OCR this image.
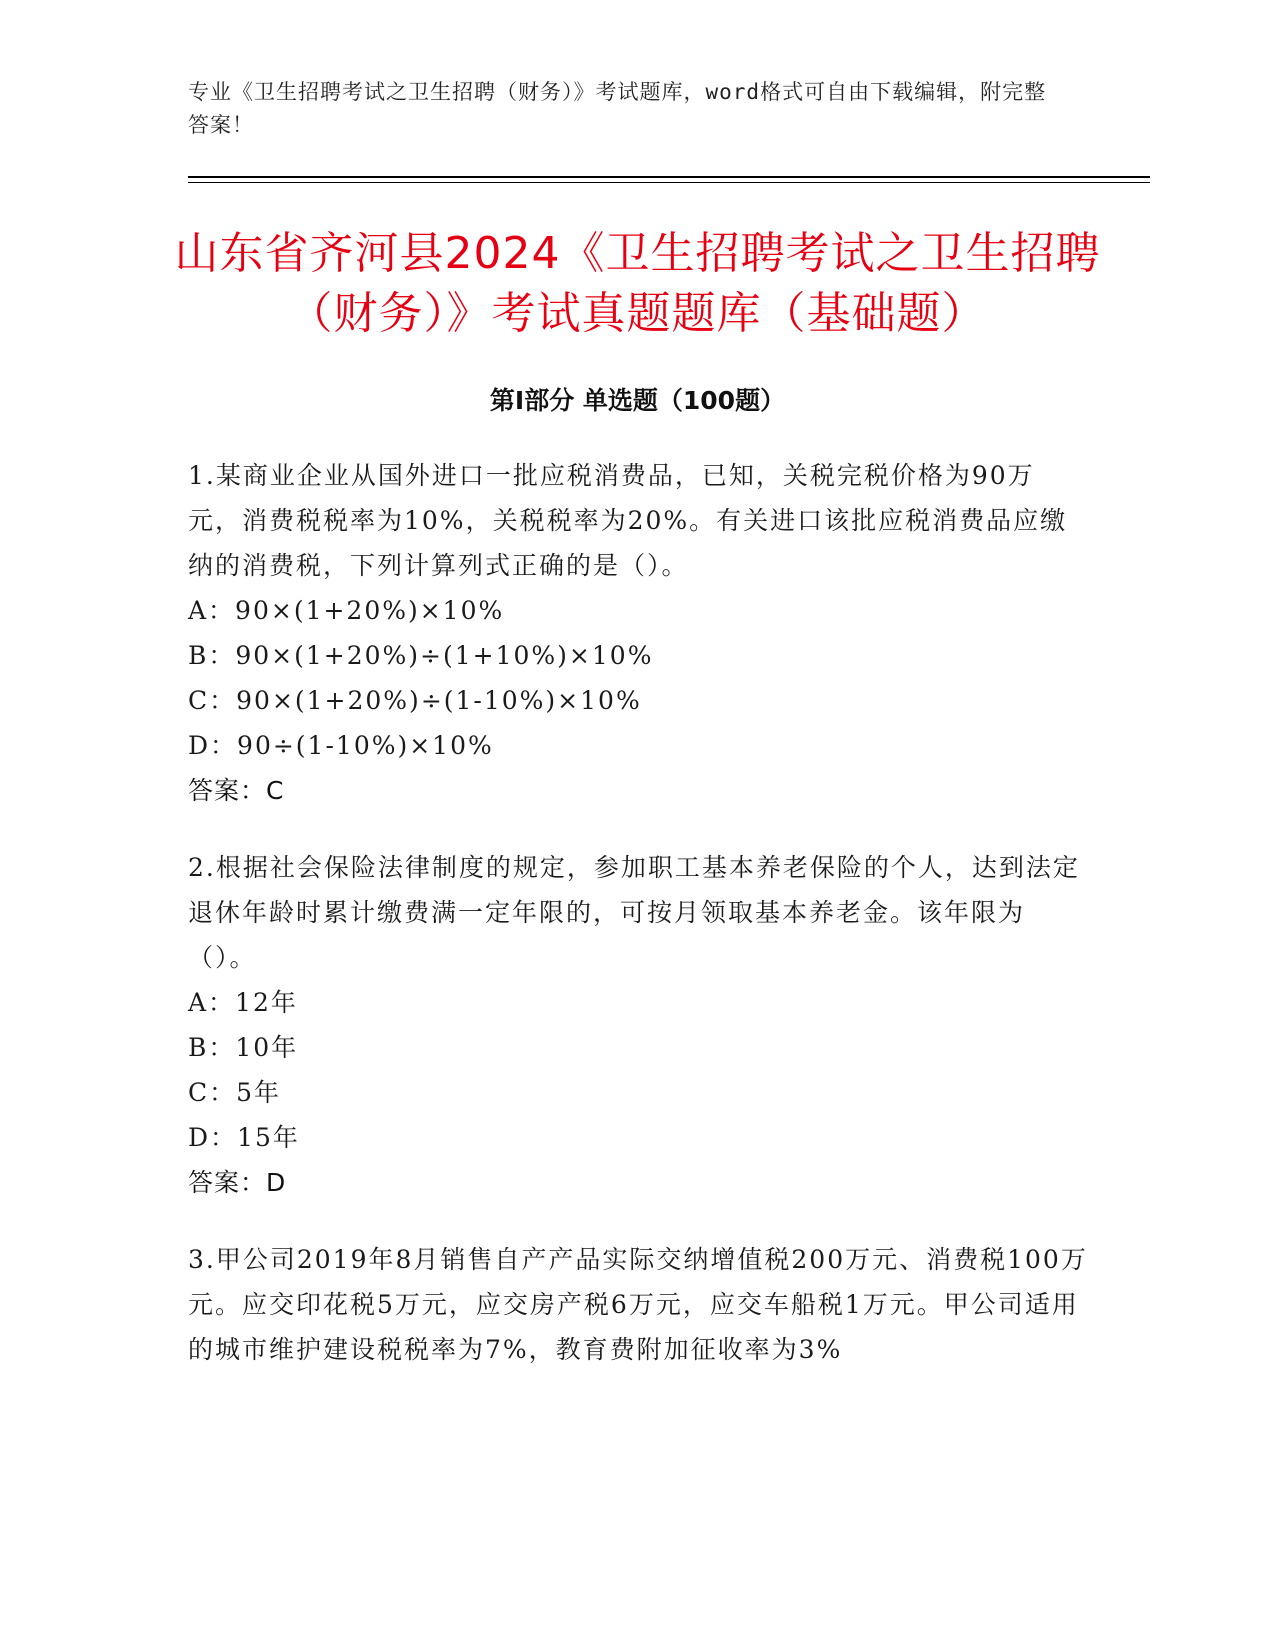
专业《卫生招聘考试之卫生招聘（财务）》考试题库，word格式可自由下载编辑，附完整答案！
山东省齐河县2024《卫生招聘考试之卫生招聘（财务）》考试真题题库（基础题）
第Ⅰ部分 单选题（100题）
1.某商业企业从国外进口一批应税消费品，已知，关税完税价格为90万元，消费税税率为10%，关税税率为20%。有关进口该批应税消费品应缴纳的消费税，下列计算列式正确的是（）。
A：90×(1+20%)×10%
B：90×(1+20%)÷(1+10%)×10%
C：90×(1+20%)÷(1-10%)×10%
D：90÷(1-10%)×10%
答案：C
2.根据社会保险法律制度的规定，参加职工基本养老保险的个人，达到法定退休年龄时累计缴费满一定年限的，可按月领取基本养老金。该年限为（）。
A：12年
B：10年
C：5年
D：15年
答案：D
3.甲公司2019年8月销售自产产品实际交纳增值税200万元、消费税100万元。应交印花税5万元，应交房产税6万元，应交车船税1万元。甲公司适用的城市维护建设税税率为7%，教育费附加征收率为3%
